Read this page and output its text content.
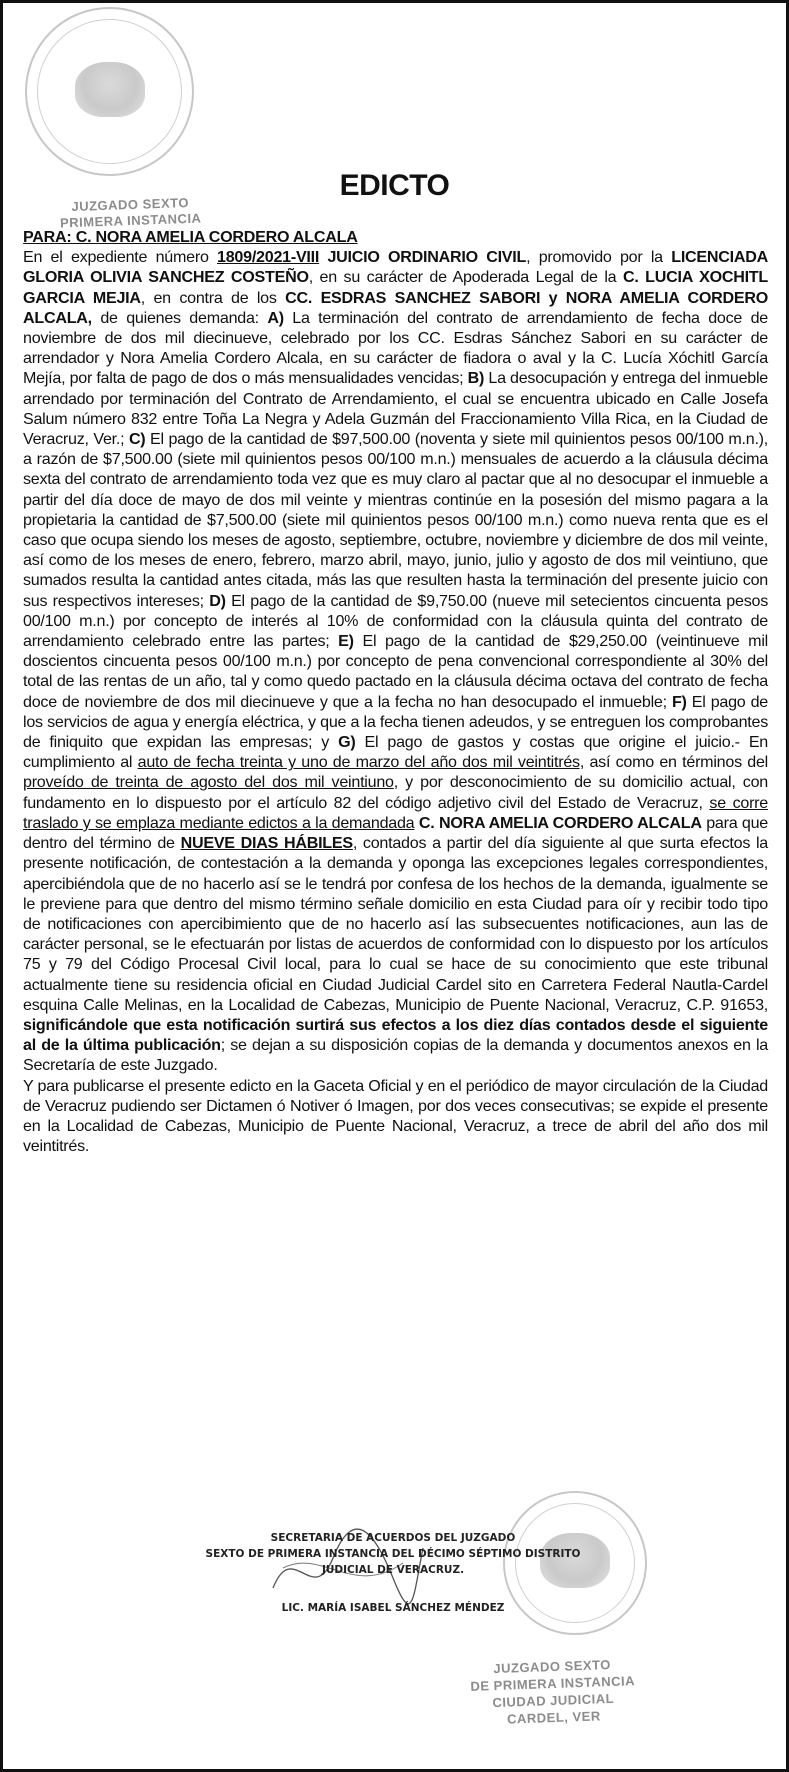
JUZGADO SEXTO
PRIMERA INSTANCIA
EDICTO

PARA: C. NORA AMELIA CORDERO ALCALA

En el expediente número 1809/2021-VIII JUICIO ORDINARIO CIVIL, promovido por la LICENCIADA GLORIA OLIVIA SANCHEZ COSTEÑO, en su carácter de Apoderada Legal de la C. LUCIA XOCHITL GARCIA MEJIA, en contra de los CC. ESDRAS SANCHEZ SABORI y NORA AMELIA CORDERO ALCALA, de quienes demanda: A) La terminación del contrato de arrendamiento de fecha doce de noviembre de dos mil diecinueve, celebrado por los CC. Esdras Sánchez Sabori en su carácter de arrendador y Nora Amelia Cordero Alcala, en su carácter de fiadora o aval y la C. Lucía Xóchitl García Mejía, por falta de pago de dos o más mensualidades vencidas; B) La desocupación y entrega del inmueble arrendado por terminación del Contrato de Arrendamiento, el cual se encuentra ubicado en Calle Josefa Salum número 832 entre Toña La Negra y Adela Guzmán del Fraccionamiento Villa Rica, en la Ciudad de Veracruz, Ver.; C) El pago de la cantidad de $97,500.00 (noventa y siete mil quinientos pesos 00/100 m.n.), a razón de $7,500.00 (siete mil quinientos pesos 00/100 m.n.) mensuales de acuerdo a la cláusula décima sexta del contrato de arrendamiento toda vez que es muy claro al pactar que al no desocupar el inmueble a partir del día doce de mayo de dos mil veinte y mientras continúe en la posesión del mismo pagara a la propietaria la cantidad de $7,500.00 (siete mil quinientos pesos 00/100 m.n.) como nueva renta que es el caso que ocupa siendo los meses de agosto, septiembre, octubre, noviembre y diciembre de dos mil veinte, así como de los meses de enero, febrero, marzo abril, mayo, junio, julio y agosto de dos mil veintiuno, que sumados resulta la cantidad antes citada, más las que resulten hasta la terminación del presente juicio con sus respectivos intereses; D) El pago de la cantidad de $9,750.00 (nueve mil setecientos cincuenta pesos 00/100 m.n.) por concepto de interés al 10% de conformidad con la cláusula quinta del contrato de arrendamiento celebrado entre las partes; E) El pago de la cantidad de $29,250.00 (veintinueve mil doscientos cincuenta pesos 00/100 m.n.) por concepto de pena convencional correspondiente al 30% del total de las rentas de un año, tal y como quedo pactado en la cláusula décima octava del contrato de fecha doce de noviembre de dos mil diecinueve y que a la fecha no han desocupado el inmueble; F) El pago de los servicios de agua y energía eléctrica, y que a la fecha tienen adeudos, y se entreguen los comprobantes de finiquito que expidan las empresas; y G) El pago de gastos y costas que origine el juicio.- En cumplimiento al auto de fecha treinta y uno de marzo del año dos mil veintitrés, así como en términos del proveído de treinta de agosto del dos mil veintiuno, y por desconocimiento de su domicilio actual, con fundamento en lo dispuesto por el artículo 82 del código adjetivo civil del Estado de Veracruz, se corre traslado y se emplaza mediante edictos a la demandada C. NORA AMELIA CORDERO ALCALA para que dentro del término de NUEVE DIAS HÁBILES, contados a partir del día siguiente al que surta efectos la presente notificación, de contestación a la demanda y oponga las excepciones legales correspondientes, apercibiéndola que de no hacerlo así se le tendrá por confesa de los hechos de la demanda, igualmente se le previene para que dentro del mismo término señale domicilio en esta Ciudad para oír y recibir todo tipo de notificaciones con apercibimiento que de no hacerlo así las subsecuentes notificaciones, aun las de carácter personal, se le efectuarán por listas de acuerdos de conformidad con lo dispuesto por los artículos 75 y 79 del Código Procesal Civil local, para lo cual se hace de su conocimiento que este tribunal actualmente tiene su residencia oficial en Ciudad Judicial Cardel sito en Carretera Federal Nautla-Cardel esquina Calle Melinas, en la Localidad de Cabezas, Municipio de Puente Nacional, Veracruz, C.P. 91653, significándole que esta notificación surtirá sus efectos a los diez días contados desde el siguiente al de la última publicación; se dejan a su disposición copias de la demanda y documentos anexos en la Secretaría de este Juzgado.

Y para publicarse el presente edicto en la Gaceta Oficial y en el periódico de mayor circulación de la Ciudad de Veracruz pudiendo ser Dictamen ó Notiver ó Imagen, por dos veces consecutivas; se expide el presente en la Localidad de Cabezas, Municipio de Puente Nacional, Veracruz, a trece de abril del año dos mil veintitrés.

SECRETARIA DE ACUERDOS DEL JUZGADO
SEXTO DE PRIMERA INSTANCIA DEL DÉCIMO SÉPTIMO DISTRITO
JUDICIAL DE VERACRUZ.
LIC. MARÍA ISABEL SÁNCHEZ MÉNDEZ
JUZGADO SEXTO
DE PRIMERA INSTANCIA
CIUDAD JUDICIAL
CARDEL, VER
